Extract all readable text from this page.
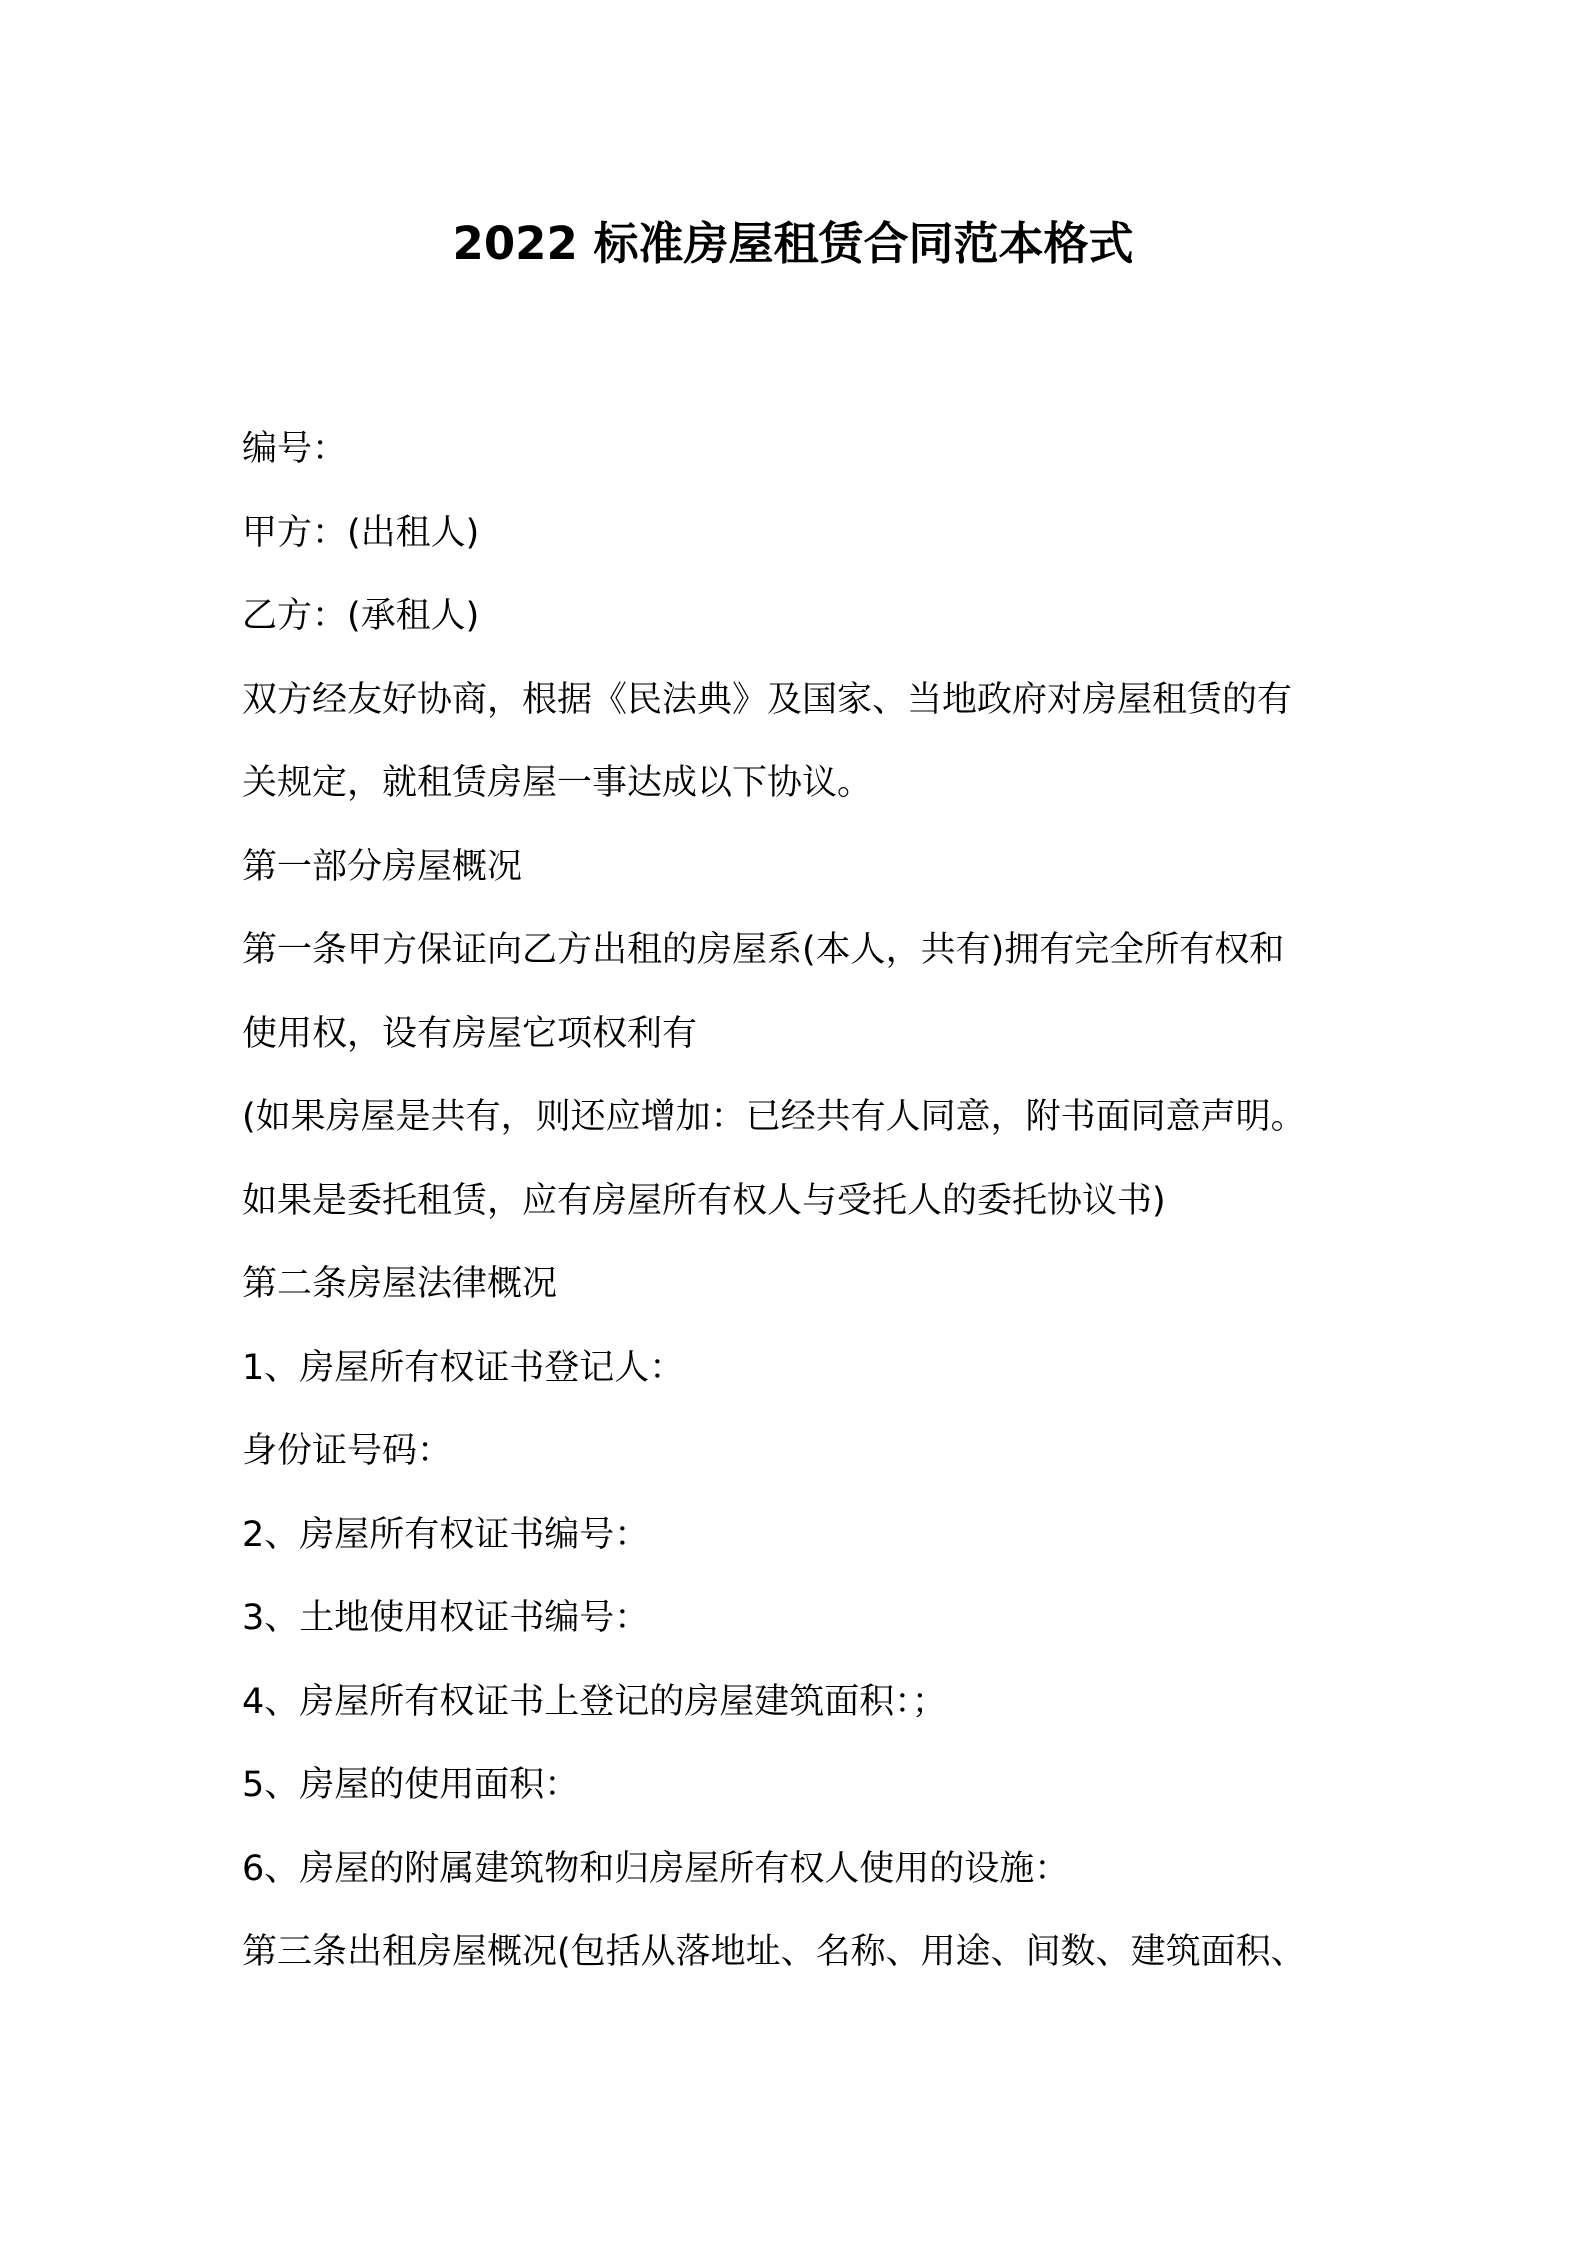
2022 标准房屋租赁合同范本格式
编号：
甲方：(出租人)
乙方：(承租人)
双方经友好协商，根据《民法典》及国家、当地政府对房屋租赁的有
关规定，就租赁房屋一事达成以下协议。
第一部分房屋概况
第一条甲方保证向乙方出租的房屋系(本人，共有)拥有完全所有权和
使用权，设有房屋它项权利有
(如果房屋是共有，则还应增加：已经共有人同意，附书面同意声明。
如果是委托租赁，应有房屋所有权人与受托人的委托协议书)
第二条房屋法律概况
1、房屋所有权证书登记人：
身份证号码：
2、房屋所有权证书编号：
3、土地使用权证书编号：
4、房屋所有权证书上登记的房屋建筑面积：；
5、房屋的使用面积：
6、房屋的附属建筑物和归房屋所有权人使用的设施：
第三条出租房屋概况(包括从落地址、名称、用途、间数、建筑面积、
